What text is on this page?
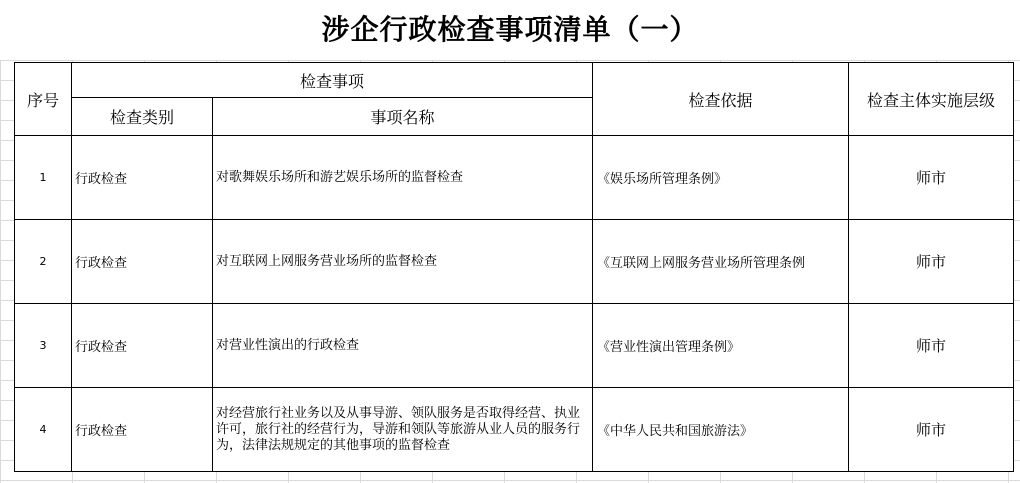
涉企行政检查事项清单（一）
序号	检查事项		检查依据	检查主体实施层级
	检查类别	事项名称		
1	行政检查	对歌舞娱乐场所和游艺娱乐场所的监督检查	《娱乐场所管理条例》	师市
2	行政检查	对互联网上网服务营业场所的监督检查	《互联网上网服务营业场所管理条例	师市
3	行政检查	对营业性演出的行政检查	《营业性演出管理条例》	师市
4	行政检查	对经营旅行社业务以及从事导游、领队服务是否取得经营、执业许可，旅行社的经营行为，导游和领队等旅游从业人员的服务行为，法律法规规定的其他事项的监督检查	《中华人民共和国旅游法》	师市
